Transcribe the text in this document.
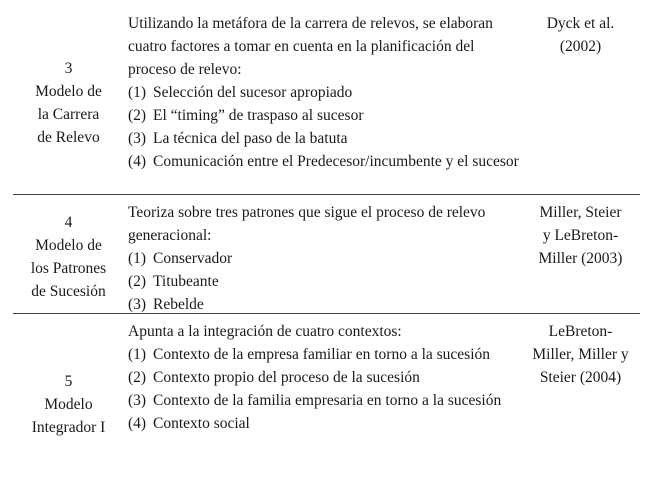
3
Modelo de
la Carrera
de Relevo
Utilizando la metáfora de la carrera de relevos, se elaboran cuatro factores a tomar en cuenta en la planificación del proceso de relevo:
(1) Selección del sucesor apropiado
(2) El “timing” de traspaso al sucesor
(3) La técnica del paso de la batuta
(4) Comunicación entre el Predecesor/incumbente y el sucesor
Dyck et al.
(2002)
4
Modelo de
los Patrones
de Sucesión
Teoriza sobre tres patrones que sigue el proceso de relevo generacional:
(1) Conservador
(2) Titubeante
(3) Rebelde
Miller, Steier
y LeBreton-
Miller (2003)
5
Modelo
Integrador I
Apunta a la integración de cuatro contextos:
(1) Contexto de la empresa familiar en torno a la sucesión
(2) Contexto propio del proceso de la sucesión
(3) Contexto de la familia empresaria en torno a la sucesión
(4) Contexto social
LeBreton-
Miller, Miller y
Steier (2004)
